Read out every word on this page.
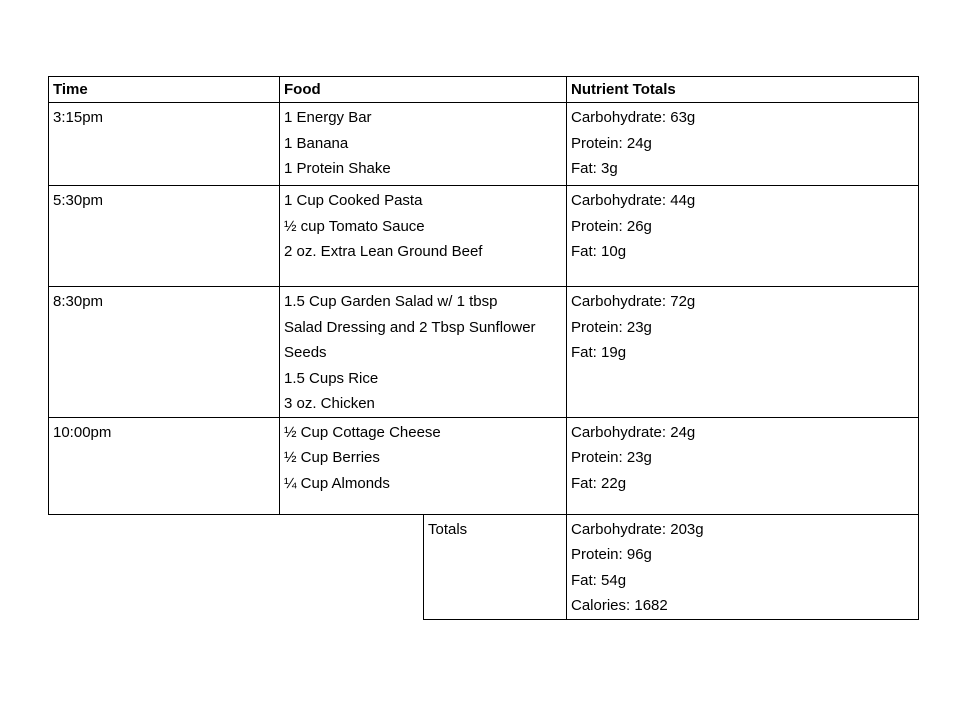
Time	Food		Nutrient Totals
3:15pm	1 Energy Bar
1 Banana
1 Protein Shake		Carbohydrate: 63g
Protein: 24g
Fat: 3g

5:30pm	1 Cup Cooked Pasta
½ cup Tomato Sauce
2 oz. Extra Lean Ground Beef		Carbohydrate: 44g
Protein: 26g
Fat: 10g

8:30pm	1.5 Cup Garden Salad w/ 1 tbsp
Salad Dressing and 2 Tbsp Sunflower
Seeds
1.5 Cups Rice
3 oz. Chicken		Carbohydrate: 72g
Protein: 23g
Fat: 19g

10:00pm	½ Cup Cottage Cheese
½ Cup Berries
¼ Cup Almonds		Carbohydrate: 24g
Protein: 23g
Fat: 22g

		Totals	Carbohydrate: 203g
Protein: 96g
Fat: 54g
Calories: 1682
